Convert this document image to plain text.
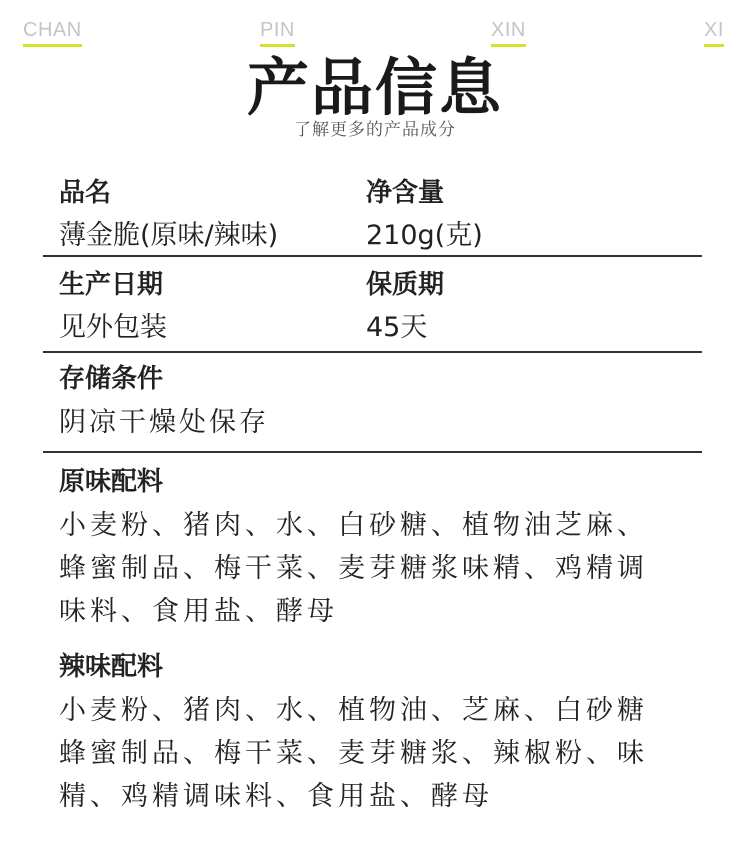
CHAN	PIN	XIN	XI
产品信息
了解更多的产品成分
品名	净含量
薄金脆(原味/辣味)	210g(克)
生产日期	保质期
见外包装	45天
存储条件
阴凉干燥处保存
原味配料
小麦粉、猪肉、水、白砂糖、植物油芝麻、
蜂蜜制品、梅干菜、麦芽糖浆味精、鸡精调
味料、食用盐、酵母
辣味配料
小麦粉、猪肉、水、植物油、芝麻、白砂糖
蜂蜜制品、梅干菜、麦芽糖浆、辣椒粉、味
精、鸡精调味料、食用盐、酵母
